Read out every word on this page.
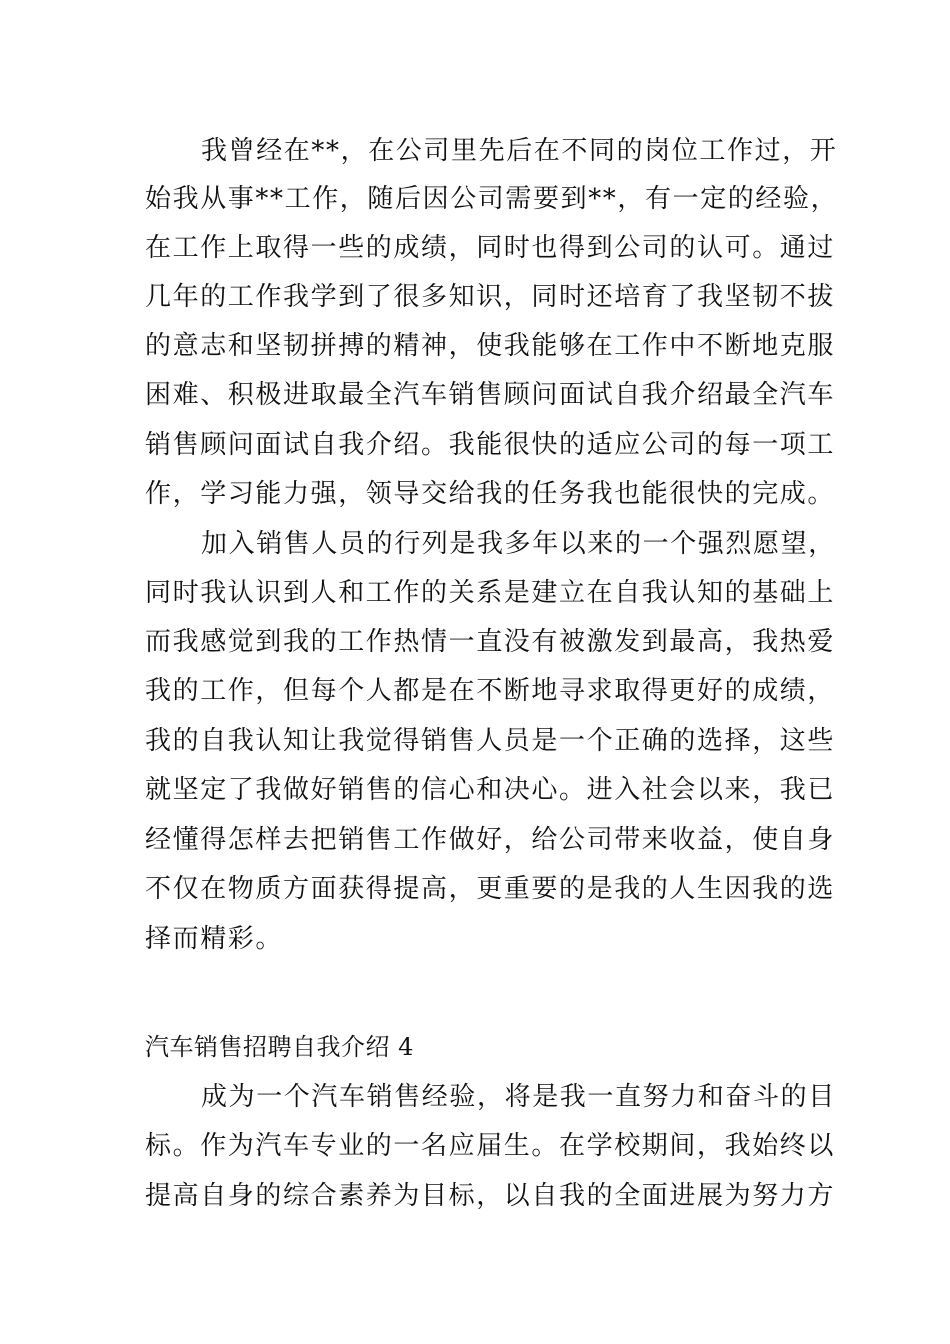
我曾经在**，在公司里先后在不同的岗位工作过，开
始我从事**工作，随后因公司需要到**，有一定的经验，
在工作上取得一些的成绩，同时也得到公司的认可。通过
几年的工作我学到了很多知识，同时还培育了我坚韧不拔
的意志和坚韧拼搏的精神，使我能够在工作中不断地克服
困难、积极进取最全汽车销售顾问面试自我介绍最全汽车
销售顾问面试自我介绍。我能很快的适应公司的每一项工
作，学习能力强，领导交给我的任务我也能很快的完成。
加入销售人员的行列是我多年以来的一个强烈愿望，
同时我认识到人和工作的关系是建立在自我认知的基础上
而我感觉到我的工作热情一直没有被激发到最高，我热爱
我的工作，但每个人都是在不断地寻求取得更好的成绩，
我的自我认知让我觉得销售人员是一个正确的选择，这些
就坚定了我做好销售的信心和决心。进入社会以来，我已
经懂得怎样去把销售工作做好，给公司带来收益，使自身
不仅在物质方面获得提高，更重要的是我的人生因我的选
择而精彩。
汽车销售招聘自我介绍 4
成为一个汽车销售经验，将是我一直努力和奋斗的目
标。作为汽车专业的一名应届生。在学校期间，我始终以
提高自身的综合素养为目标，以自我的全面进展为努力方
